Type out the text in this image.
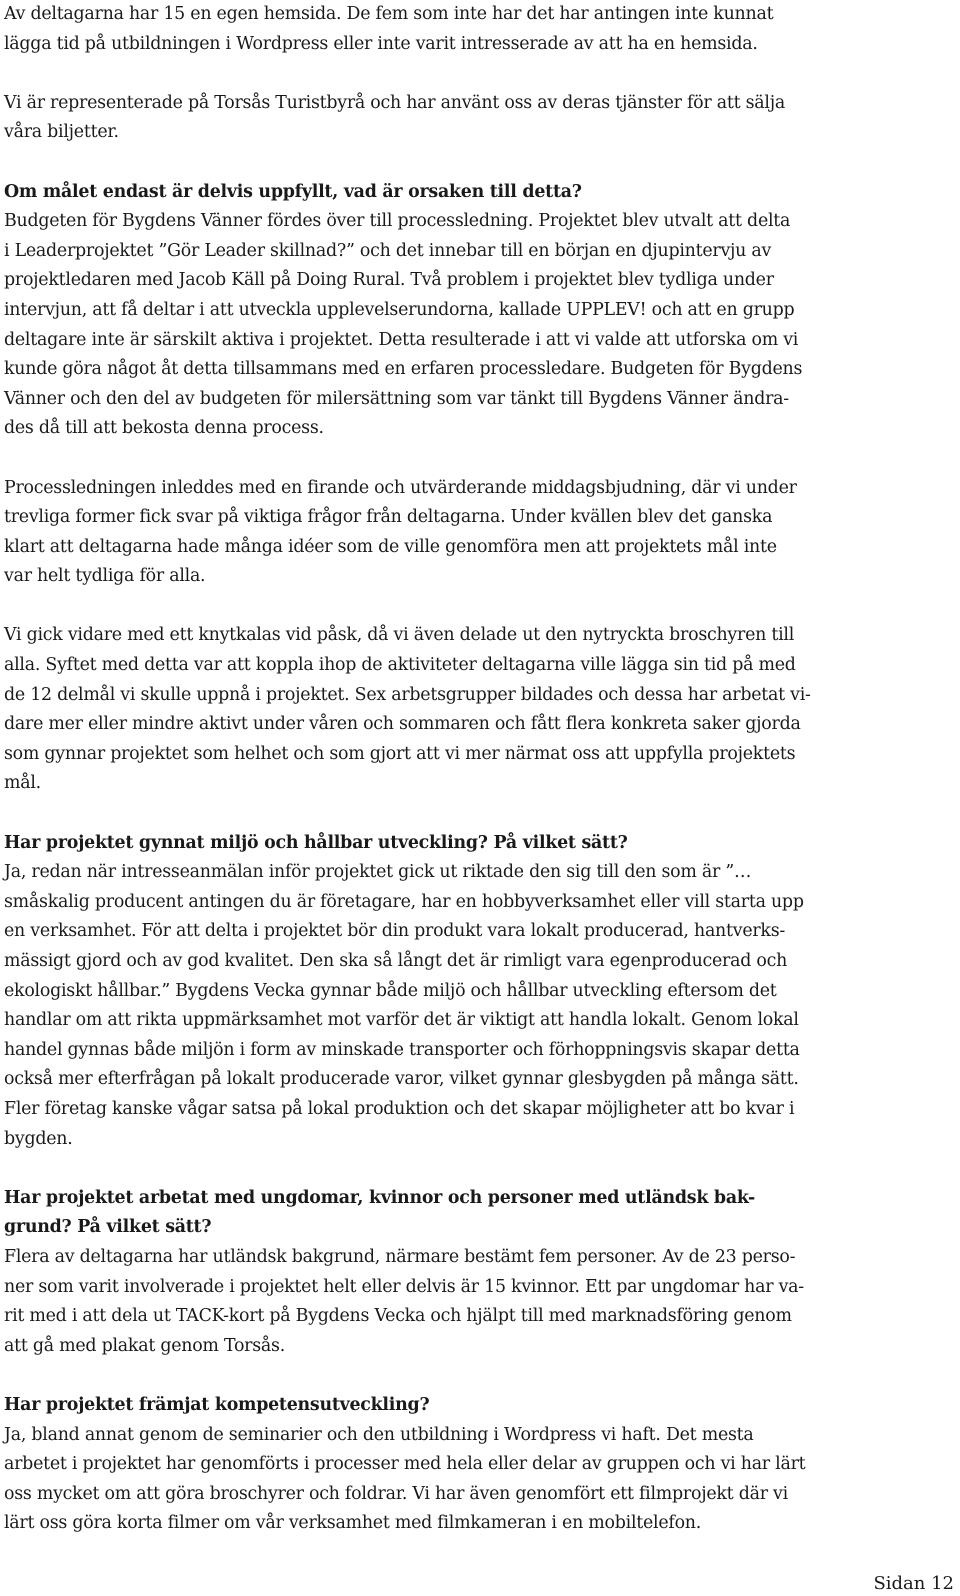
Av deltagarna har 15 en egen hemsida. De fem som inte har det har antingen inte kunnat
lägga tid på utbildningen i Wordpress eller inte varit intresserade av att ha en hemsida.

Vi är representerade på Torsås Turistbyrå och har använt oss av deras tjänster för att sälja
våra biljetter.

Om målet endast är delvis uppfyllt, vad är orsaken till detta?

Budgeten för Bygdens Vänner fördes över till processledning. Projektet blev utvalt att delta
i Leaderprojektet ”Gör Leader skillnad?” och det innebar till en början en djupintervju av
projektledaren med Jacob Käll på Doing Rural. Två problem i projektet blev tydliga under
intervjun, att få deltar i att utveckla upplevelserundorna, kallade UPPLEV! och att en grupp
deltagare inte är särskilt aktiva i projektet. Detta resulterade i att vi valde att utforska om vi
kunde göra något åt detta tillsammans med en erfaren processledare. Budgeten för Bygdens
Vänner och den del av budgeten för milersättning som var tänkt till Bygdens Vänner ändra-
des då till att bekosta denna process.

Processledningen inleddes med en firande och utvärderande middagsbjudning, där vi under
trevliga former fick svar på viktiga frågor från deltagarna. Under kvällen blev det ganska
klart att deltagarna hade många idéer som de ville genomföra men att projektets mål inte
var helt tydliga för alla.

Vi gick vidare med ett knytkalas vid påsk, då vi även delade ut den nytryckta broschyren till
alla. Syftet med detta var att koppla ihop de aktiviteter deltagarna ville lägga sin tid på med
de 12 delmål vi skulle uppnå i projektet. Sex arbetsgrupper bildades och dessa har arbetat vi-
dare mer eller mindre aktivt under våren och sommaren och fått flera konkreta saker gjorda
som gynnar projektet som helhet och som gjort att vi mer närmat oss att uppfylla projektets
mål.

Har projektet gynnat miljö och hållbar utveckling? På vilket sätt?

Ja, redan när intresseanmälan inför projektet gick ut riktade den sig till den som är ”…
småskalig producent antingen du är företagare, har en hobbyverksamhet eller vill starta upp
en verksamhet. För att delta i projektet bör din produkt vara lokalt producerad, hantverks-
mässigt gjord och av god kvalitet. Den ska så långt det är rimligt vara egenproducerad och
ekologiskt hållbar.” Bygdens Vecka gynnar både miljö och hållbar utveckling eftersom det
handlar om att rikta uppmärksamhet mot varför det är viktigt att handla lokalt. Genom lokal
handel gynnas både miljön i form av minskade transporter och förhoppningsvis skapar detta
också mer efterfrågan på lokalt producerade varor, vilket gynnar glesbygden på många sätt.
Fler företag kanske vågar satsa på lokal produktion och det skapar möjligheter att bo kvar i
bygden.

Har projektet arbetat med ungdomar, kvinnor och personer med utländsk bak-
grund? På vilket sätt?

Flera av deltagarna har utländsk bakgrund, närmare bestämt fem personer. Av de 23 perso-
ner som varit involverade i projektet helt eller delvis är 15 kvinnor. Ett par ungdomar har va-
rit med i att dela ut TACK-kort på Bygdens Vecka och hjälpt till med marknadsföring genom
att gå med plakat genom Torsås.

Har projektet främjat kompetensutveckling?

Ja, bland annat genom de seminarier och den utbildning i Wordpress vi haft. Det mesta
arbetet i projektet har genomförts i processer med hela eller delar av gruppen och vi har lärt
oss mycket om att göra broschyrer och foldrar. Vi har även genomfört ett filmprojekt där vi
lärt oss göra korta filmer om vår verksamhet med filmkameran i en mobiltelefon.

Sidan 12
